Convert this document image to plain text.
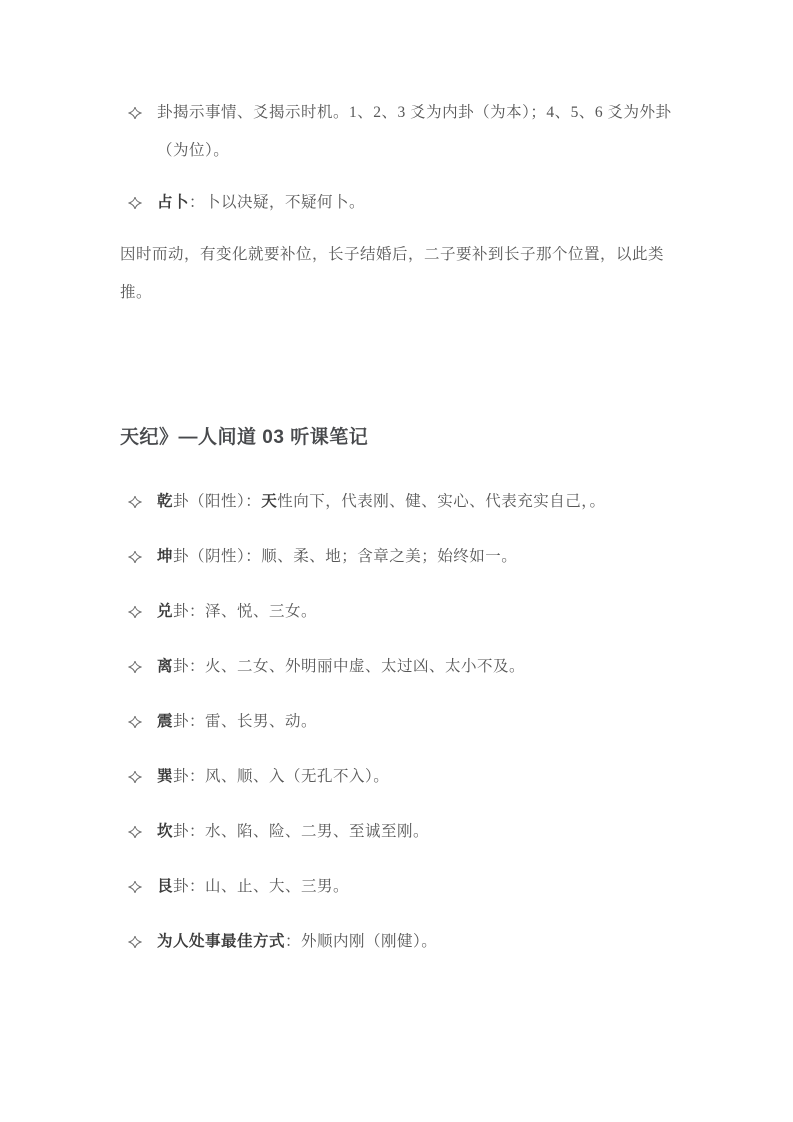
卦揭示事情、爻揭示时机。1、2、3 爻为内卦（为本）；4、5、6 爻为外卦（为位）。
占卜：卜以决疑，不疑何卜。

因时而动，有变化就要补位，长子结婚后，二子要补到长子那个位置，以此类推。

天纪》—人间道 03 听课笔记
乾卦（阳性）：天性向下，代表刚、健、实心、代表充实自己，。
坤卦（阴性）：顺、柔、地；含章之美；始终如一。
兑卦：泽、悦、三女。
离卦：火、二女、外明丽中虚、太过凶、太小不及。
震卦：雷、长男、动。
巽卦：风、顺、入（无孔不入）。
坎卦：水、陷、险、二男、至诚至刚。
艮卦：山、止、大、三男。
为人处事最佳方式：外顺内刚（刚健）。
